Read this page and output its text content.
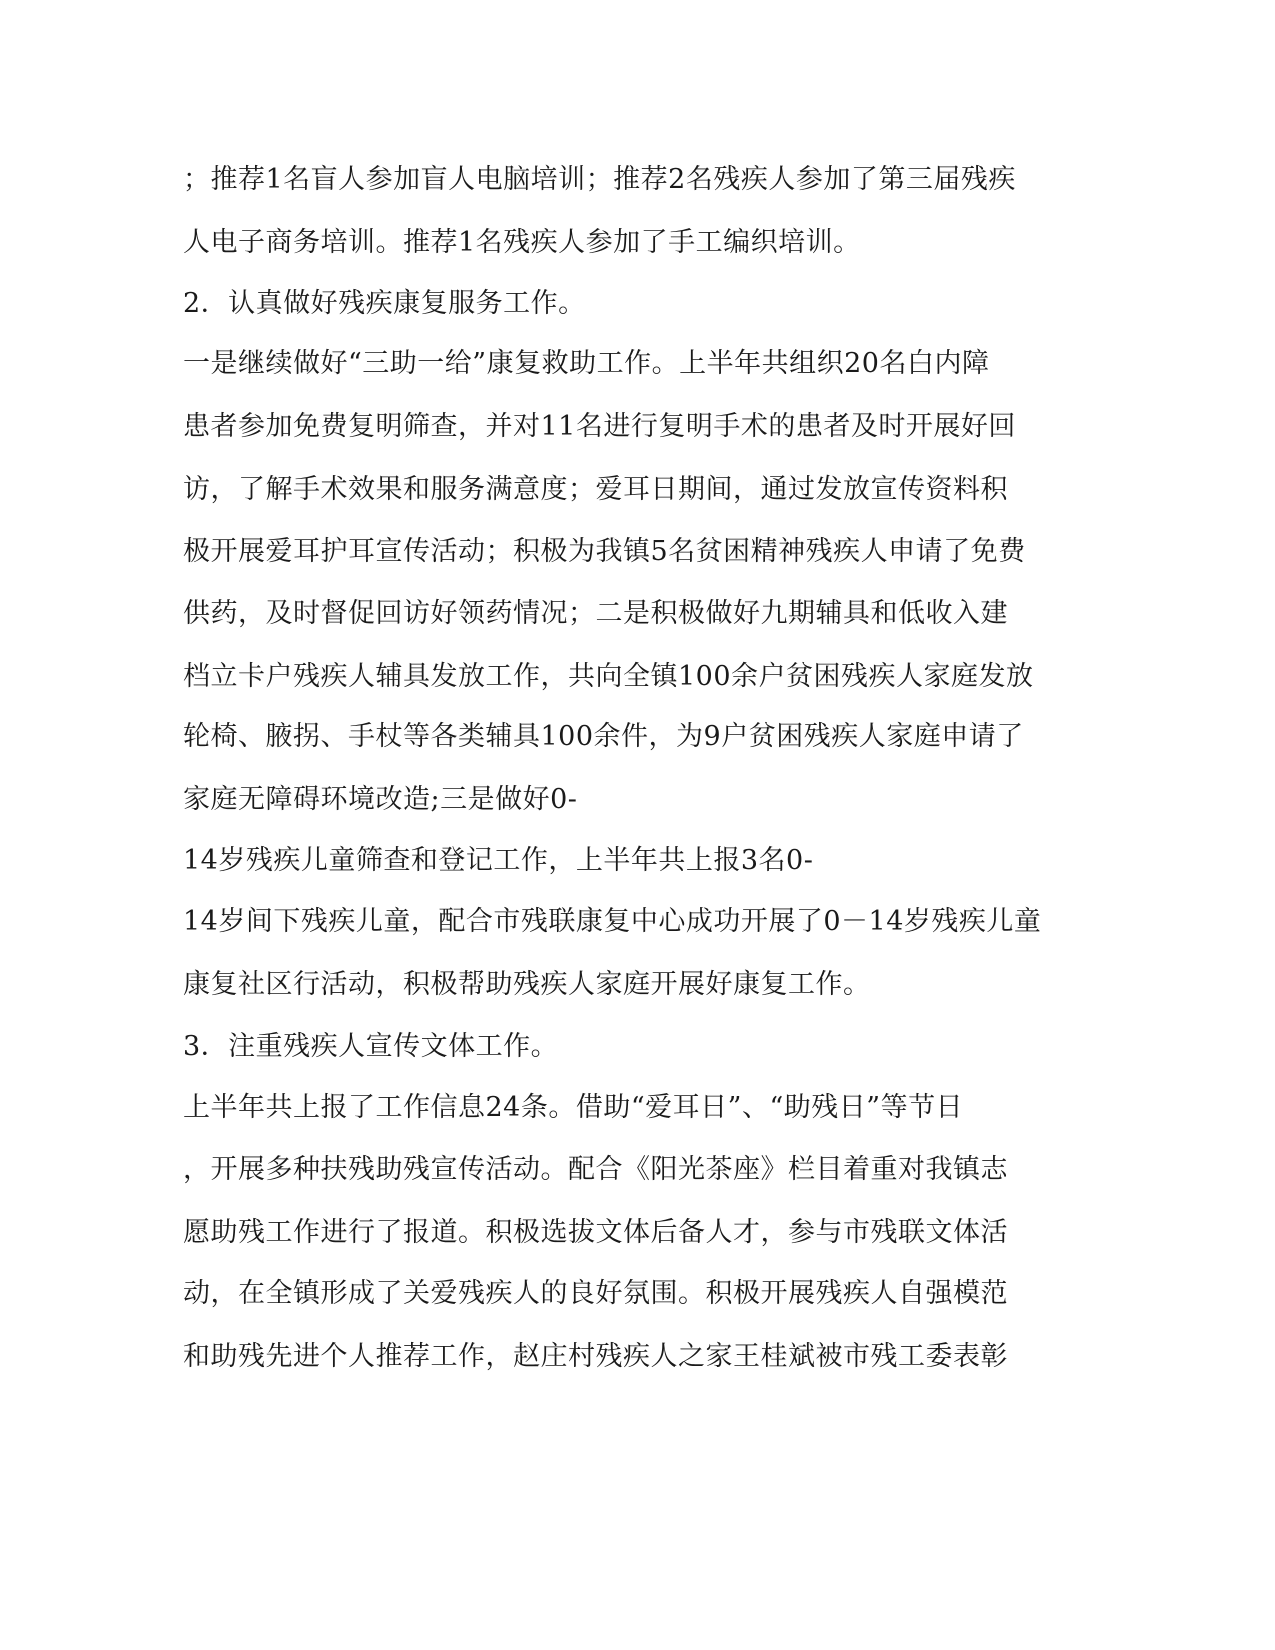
；推荐1名盲人参加盲人电脑培训；推荐2名残疾人参加了第三届残疾
人电子商务培训。推荐1名残疾人参加了手工编织培训。
2．认真做好残疾康复服务工作。
一是继续做好“三助一给”康复救助工作。上半年共组织20名白内障
患者参加免费复明筛查，并对11名进行复明手术的患者及时开展好回
访，了解手术效果和服务满意度；爱耳日期间，通过发放宣传资料积
极开展爱耳护耳宣传活动；积极为我镇5名贫困精神残疾人申请了免费
供药，及时督促回访好领药情况；二是积极做好九期辅具和低收入建
档立卡户残疾人辅具发放工作，共向全镇100余户贫困残疾人家庭发放
轮椅、腋拐、手杖等各类辅具100余件，为9户贫困残疾人家庭申请了
家庭无障碍环境改造;三是做好0-
14岁残疾儿童筛查和登记工作，上半年共上报3名0-
14岁间下残疾儿童，配合市残联康复中心成功开展了0－14岁残疾儿童
康复社区行活动，积极帮助残疾人家庭开展好康复工作。
3．注重残疾人宣传文体工作。
上半年共上报了工作信息24条。借助“爱耳日”、“助残日”等节日
，开展多种扶残助残宣传活动。配合《阳光茶座》栏目着重对我镇志
愿助残工作进行了报道。积极选拔文体后备人才，参与市残联文体活
动，在全镇形成了关爱残疾人的良好氛围。积极开展残疾人自强模范
和助残先进个人推荐工作，赵庄村残疾人之家王桂斌被市残工委表彰
